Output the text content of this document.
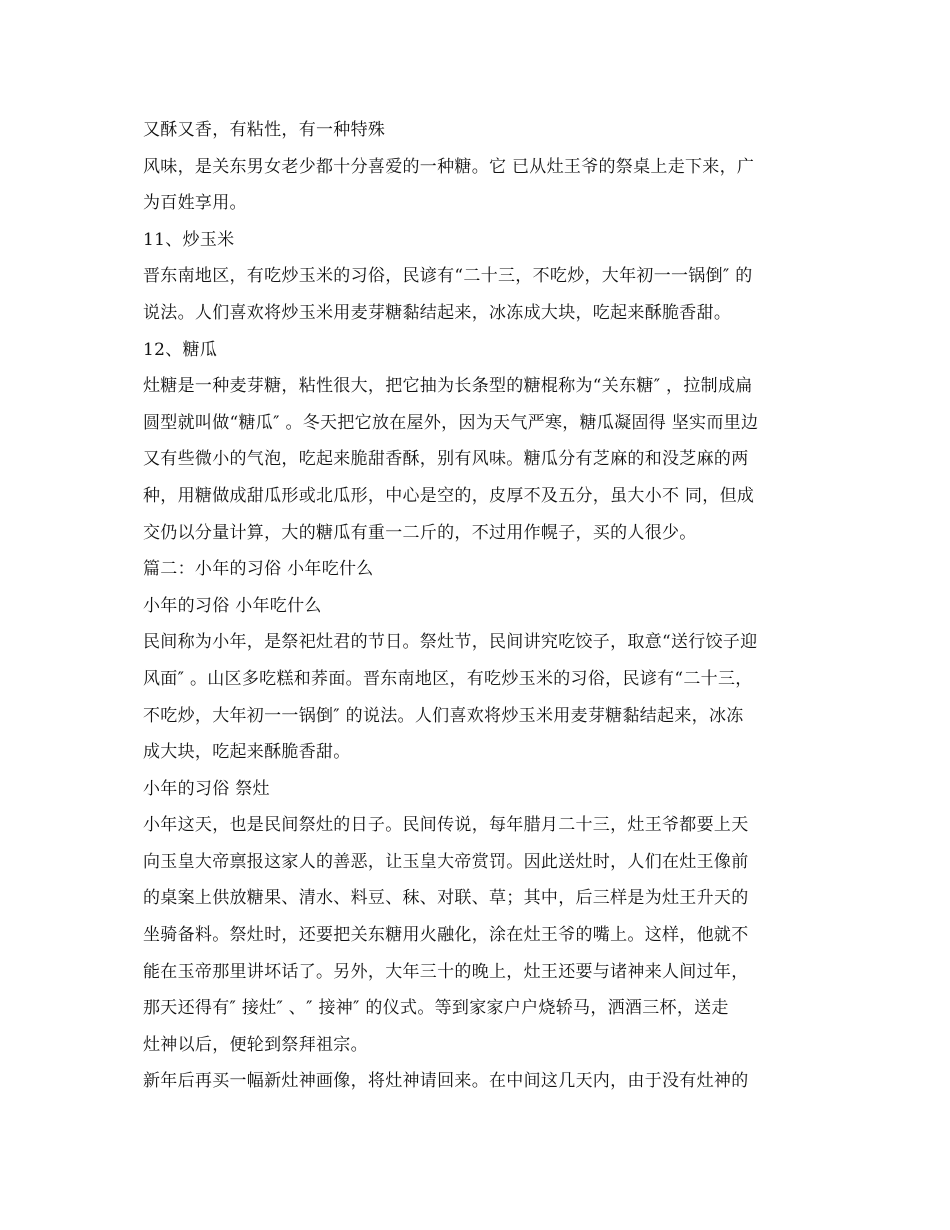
又酥又香，有粘性，有一种特殊
风味，是关东男女老少都十分喜爱的一种糖。它 已从灶王爷的祭桌上走下来，广
为百姓享用。
11、炒玉米
晋东南地区，有吃炒玉米的习俗，民谚有“二十三，不吃炒，大年初一一锅倒″ 的
说法。人们喜欢将炒玉米用麦芽糖黏结起来，冰冻成大块，吃起来酥脆香甜。
12、糖瓜
灶糖是一种麦芽糖，粘性很大，把它抽为长条型的糖棍称为“关东糖″ ，拉制成扁
圆型就叫做“糖瓜″ 。冬天把它放在屋外，因为天气严寒，糖瓜凝固得 坚实而里边
又有些微小的气泡，吃起来脆甜香酥，别有风味。糖瓜分有芝麻的和没芝麻的两
种，用糖做成甜瓜形或北瓜形，中心是空的，皮厚不及五分，虽大小不 同，但成
交仍以分量计算，大的糖瓜有重一二斤的，不过用作幌子，买的人很少。
篇二：小年的习俗 小年吃什么
小年的习俗 小年吃什么
民间称为小年，是祭祀灶君的节日。祭灶节，民间讲究吃饺子，取意“送行饺子迎
风面″ 。山区多吃糕和荞面。晋东南地区，有吃炒玉米的习俗，民谚有“二十三，
不吃炒，大年初一一锅倒″ 的说法。人们喜欢将炒玉米用麦芽糖黏结起来，冰冻
成大块，吃起来酥脆香甜。
小年的习俗 祭灶
小年这天，也是民间祭灶的日子。民间传说，每年腊月二十三，灶王爷都要上天
向玉皇大帝禀报这家人的善恶，让玉皇大帝赏罚。因此送灶时，人们在灶王像前
的桌案上供放糖果、清水、料豆、秣、对联、草；其中，后三样是为灶王升天的
坐骑备料。祭灶时，还要把关东糖用火融化，涂在灶王爷的嘴上。这样，他就不
能在玉帝那里讲坏话了。另外，大年三十的晚上，灶王还要与诸神来人间过年，
那天还得有″ 接灶″ 、″ 接神″ 的仪式。等到家家户户烧轿马，洒酒三杯，送走
灶神以后，便轮到祭拜祖宗。
新年后再买一幅新灶神画像，将灶神请回来。在中间这几天内，由于没有灶神的
